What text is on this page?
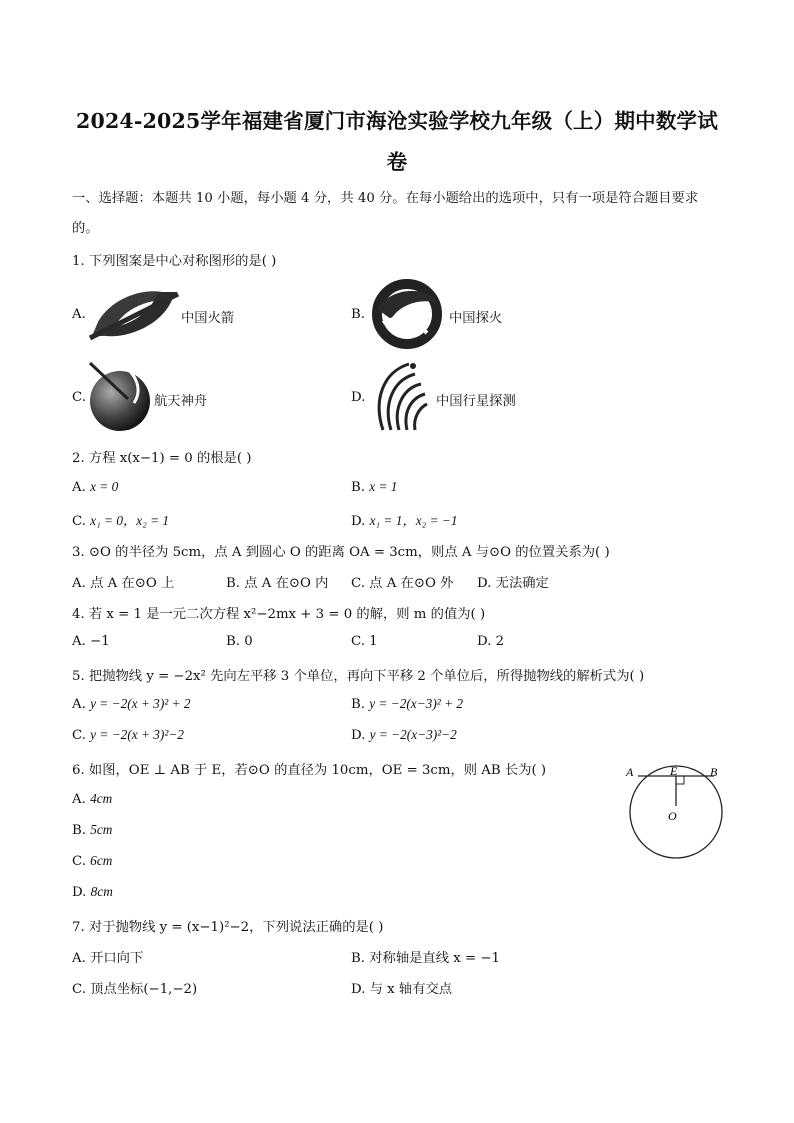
2024-2025学年福建省厦门市海沧实验学校九年级（上）期中数学试
卷
一、选择题：本题共 10 小题，每小题 4 分，共 40 分。在每小题给出的选项中，只有一项是符合题目要求
的。
1. 下列图案是中心对称图形的是( )
A.	中国火箭	B.	中国探火
C.	航天神舟	D.	中国行星探测
2. 方程 x(x−1) = 0 的根是( )
A. x = 0	B. x = 1
C. x₁ = 0，x₂ = 1	D. x₁ = 1，x₂ = −1
3. ⊙O 的半径为 5cm，点 A 到圆心 O 的距离 OA = 3cm，则点 A 与⊙O 的位置关系为( )
A. 点 A 在⊙O 上	B. 点 A 在⊙O 内 C. 点 A 在⊙O 外 D. 无法确定
4. 若 x = 1 是一元二次方程 x²−2mx + 3 = 0 的解，则 m 的值为( )
A. −1	B. 0	C. 1	D. 2
5. 把抛物线 y = −2x² 先向左平移 3 个单位，再向下平移 2 个单位后，所得抛物线的解析式为( )
A. y = −2(x + 3)² + 2	B. y = −2(x−3)² + 2
C. y = −2(x + 3)²−2	D. y = −2(x−3)²−2
6. 如图，OE ⊥ AB 于 E，若⊙O 的直径为 10cm，OE = 3cm，则 AB 长为( )
A. 4cm
B. 5cm
C. 6cm
D. 8cm
A	E	B
O
7. 对于抛物线 y = (x−1)²−2，下列说法正确的是( )
A. 开口向下	B. 对称轴是直线 x = −1
C. 顶点坐标(−1,−2)	D. 与 x 轴有交点
